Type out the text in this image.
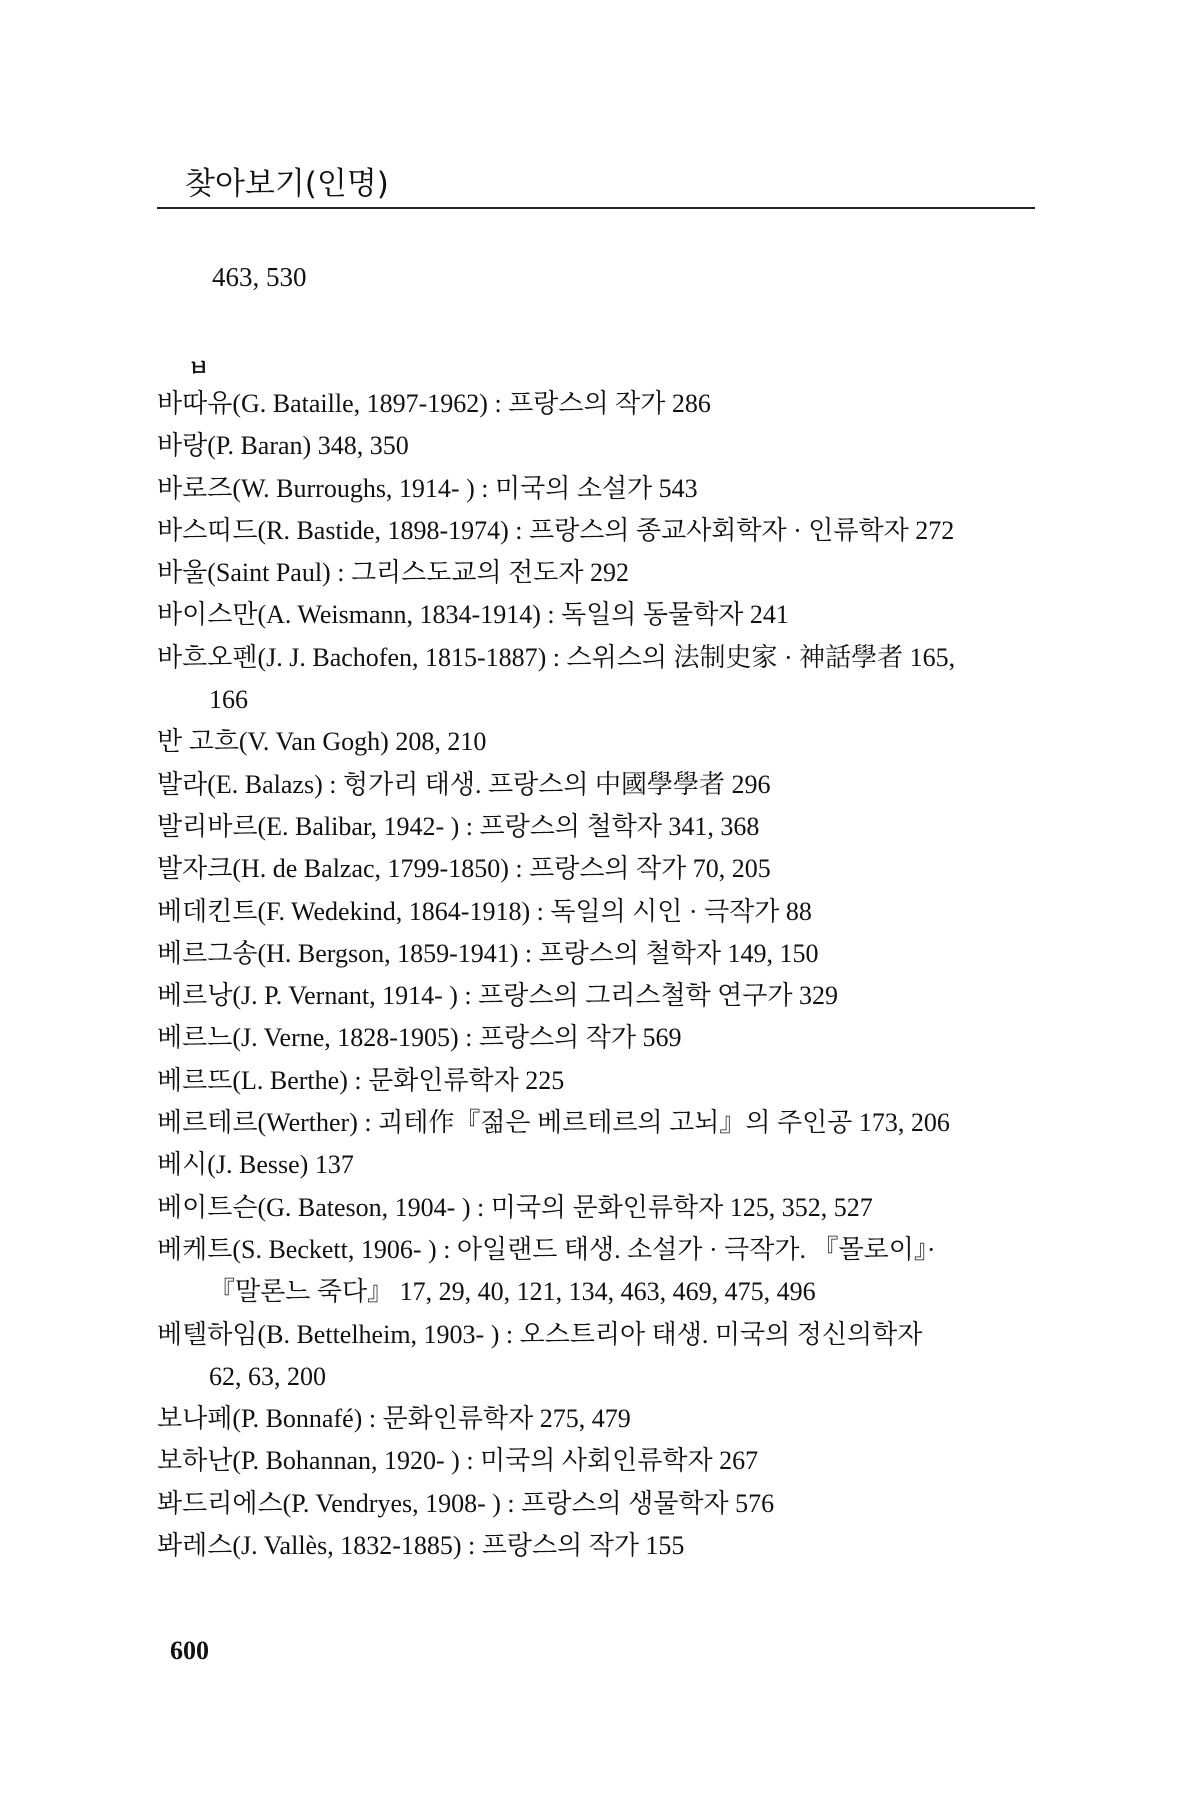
찾아보기(인명)
463, 530
ㅂ
바따유(G. Bataille, 1897-1962) : 프랑스의 작가 286
바랑(P. Baran) 348, 350
바로즈(W. Burroughs, 1914- ) : 미국의 소설가 543
바스띠드(R. Bastide, 1898-1974) : 프랑스의 종교사회학자 · 인류학자 272
바울(Saint Paul) : 그리스도교의 전도자 292
바이스만(A. Weismann, 1834-1914) : 독일의 동물학자 241
바흐오펜(J. J. Bachofen, 1815-1887) : 스위스의 法制史家 · 神話學者 165,
166
반 고흐(V. Van Gogh) 208, 210
발라(E. Balazs) : 헝가리 태생. 프랑스의 中國學學者 296
발리바르(E. Balibar, 1942- ) : 프랑스의 철학자 341, 368
발자크(H. de Balzac, 1799-1850) : 프랑스의 작가 70, 205
베데킨트(F. Wedekind, 1864-1918) : 독일의 시인 · 극작가 88
베르그송(H. Bergson, 1859-1941) : 프랑스의 철학자 149, 150
베르낭(J. P. Vernant, 1914- ) : 프랑스의 그리스철학 연구가 329
베르느(J. Verne, 1828-1905) : 프랑스의 작가 569
베르뜨(L. Berthe) : 문화인류학자 225
베르테르(Werther) : 괴테作『젊은 베르테르의 고뇌』의 주인공 173, 206
베시(J. Besse) 137
베이트슨(G. Bateson, 1904- ) : 미국의 문화인류학자 125, 352, 527
베케트(S. Beckett, 1906- ) : 아일랜드 태생. 소설가 · 극작가. 『몰로이』·
『말론느 죽다』 17, 29, 40, 121, 134, 463, 469, 475, 496
베텔하임(B. Bettelheim, 1903- ) : 오스트리아 태생. 미국의 정신의학자
62, 63, 200
보나페(P. Bonnafé) : 문화인류학자 275, 479
보하난(P. Bohannan, 1920- ) : 미국의 사회인류학자 267
봐드리에스(P. Vendryes, 1908- ) : 프랑스의 생물학자 576
봐레스(J. Vallès, 1832-1885) : 프랑스의 작가 155
600
